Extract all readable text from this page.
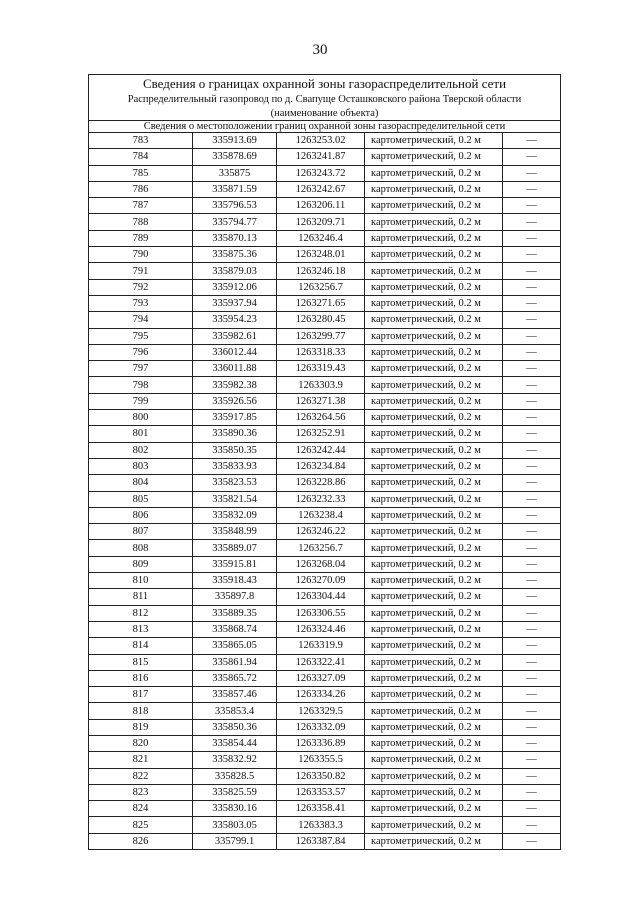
30
Сведения о границах охранной зоны газораспределительной сети				
Распределительный газопровод по д. Свапуще Осташковского района Тверской области				
(наименование объекта)				
Сведения о местоположении границ охранной зоны газораспределительной сети				
783	335913.69	1263253.02	картометрический, 0.2 м	—
784	335878.69	1263241.87	картометрический, 0.2 м	—
785	335875	1263243.72	картометрический, 0.2 м	—
786	335871.59	1263242.67	картометрический, 0.2 м	—
787	335796.53	1263206.11	картометрический, 0.2 м	—
788	335794.77	1263209.71	картометрический, 0.2 м	—
789	335870.13	1263246.4	картометрический, 0.2 м	—
790	335875.36	1263248.01	картометрический, 0.2 м	—
791	335879.03	1263246.18	картометрический, 0.2 м	—
792	335912.06	1263256.7	картометрический, 0.2 м	—
793	335937.94	1263271.65	картометрический, 0.2 м	—
794	335954.23	1263280.45	картометрический, 0.2 м	—
795	335982.61	1263299.77	картометрический, 0.2 м	—
796	336012.44	1263318.33	картометрический, 0.2 м	—
797	336011.88	1263319.43	картометрический, 0.2 м	—
798	335982.38	1263303.9	картометрический, 0.2 м	—
799	335926.56	1263271.38	картометрический, 0.2 м	—
800	335917.85	1263264.56	картометрический, 0.2 м	—
801	335890.36	1263252.91	картометрический, 0.2 м	—
802	335850.35	1263242.44	картометрический, 0.2 м	—
803	335833.93	1263234.84	картометрический, 0.2 м	—
804	335823.53	1263228.86	картометрический, 0.2 м	—
805	335821.54	1263232.33	картометрический, 0.2 м	—
806	335832.09	1263238.4	картометрический, 0.2 м	—
807	335848.99	1263246.22	картометрический, 0.2 м	—
808	335889.07	1263256.7	картометрический, 0.2 м	—
809	335915.81	1263268.04	картометрический, 0.2 м	—
810	335918.43	1263270.09	картометрический, 0.2 м	—
811	335897.8	1263304.44	картометрический, 0.2 м	—
812	335889.35	1263306.55	картометрический, 0.2 м	—
813	335868.74	1263324.46	картометрический, 0.2 м	—
814	335865.05	1263319.9	картометрический, 0.2 м	—
815	335861.94	1263322.41	картометрический, 0.2 м	—
816	335865.72	1263327.09	картометрический, 0.2 м	—
817	335857.46	1263334.26	картометрический, 0.2 м	—
818	335853.4	1263329.5	картометрический, 0.2 м	—
819	335850.36	1263332.09	картометрический, 0.2 м	—
820	335854.44	1263336.89	картометрический, 0.2 м	—
821	335832.92	1263355.5	картометрический, 0.2 м	—
822	335828.5	1263350.82	картометрический, 0.2 м	—
823	335825.59	1263353.57	картометрический, 0.2 м	—
824	335830.16	1263358.41	картометрический, 0.2 м	—
825	335803.05	1263383.3	картометрический, 0.2 м	—
826	335799.1	1263387.84	картометрический, 0.2 м	—
